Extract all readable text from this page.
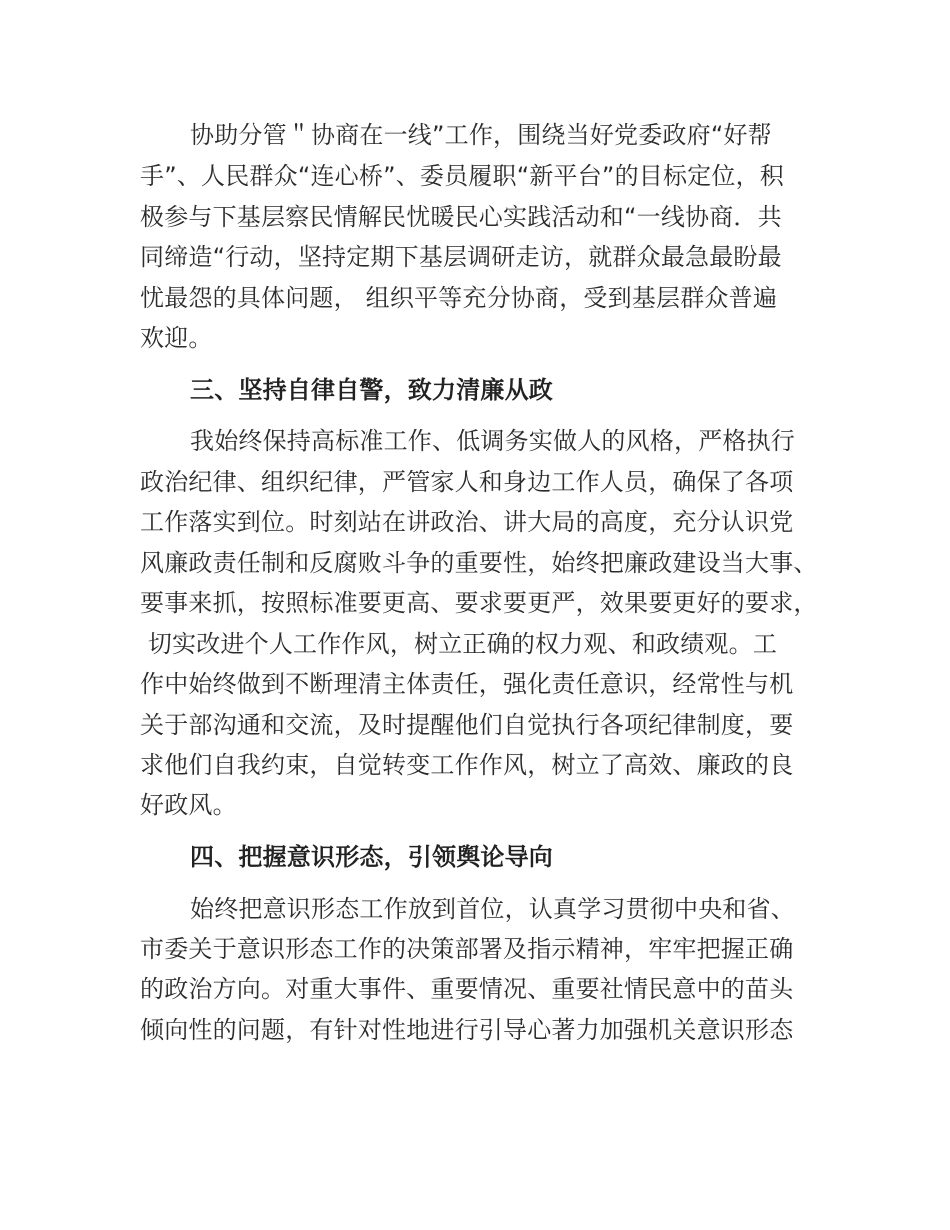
协助分管＂协商在一线”工作，围绕当好党委政府“好帮
手”、人民群众“连心桥”、委员履职“新平台”的目标定位，积
极参与下基层察民情解民忧暖民心实践活动和“一线协商．共
同缔造“行动，坚持定期下基层调研走访，就群众最急最盼最
忧最怨的具体问题， 组织平等充分协商，受到基层群众普遍
欢迎。
三、坚持自律自警，致力清廉从政
我始终保持高标准工作、低调务实做人的风格，严格执行
政治纪律、组织纪律，严管家人和身边工作人员，确保了各项
工作落实到位。时刻站在讲政治、讲大局的高度，充分认识党
风廉政责任制和反腐败斗争的重要性，始终把廉政建设当大事、
要事来抓，按照标准要更高、要求要更严，效果要更好的要求，
切实改进个人工作作风，树立正确的权力观、和政绩观。工
作中始终做到不断理清主体责任，强化责任意识，经常性与机
关于部沟通和交流，及时提醒他们自觉执行各项纪律制度，要
求他们自我约束，自觉转变工作作风，树立了高效、廉政的良
好政风。
四、把握意识形态，引领舆论导向
始终把意识形态工作放到首位，认真学习贯彻中央和省、
市委关于意识形态工作的决策部署及指示精神，牢牢把握正确
的政治方向。对重大事件、重要情况、重要社情民意中的苗头
倾向性的问题，有针对性地进行引导心著力加强机关意识形态
